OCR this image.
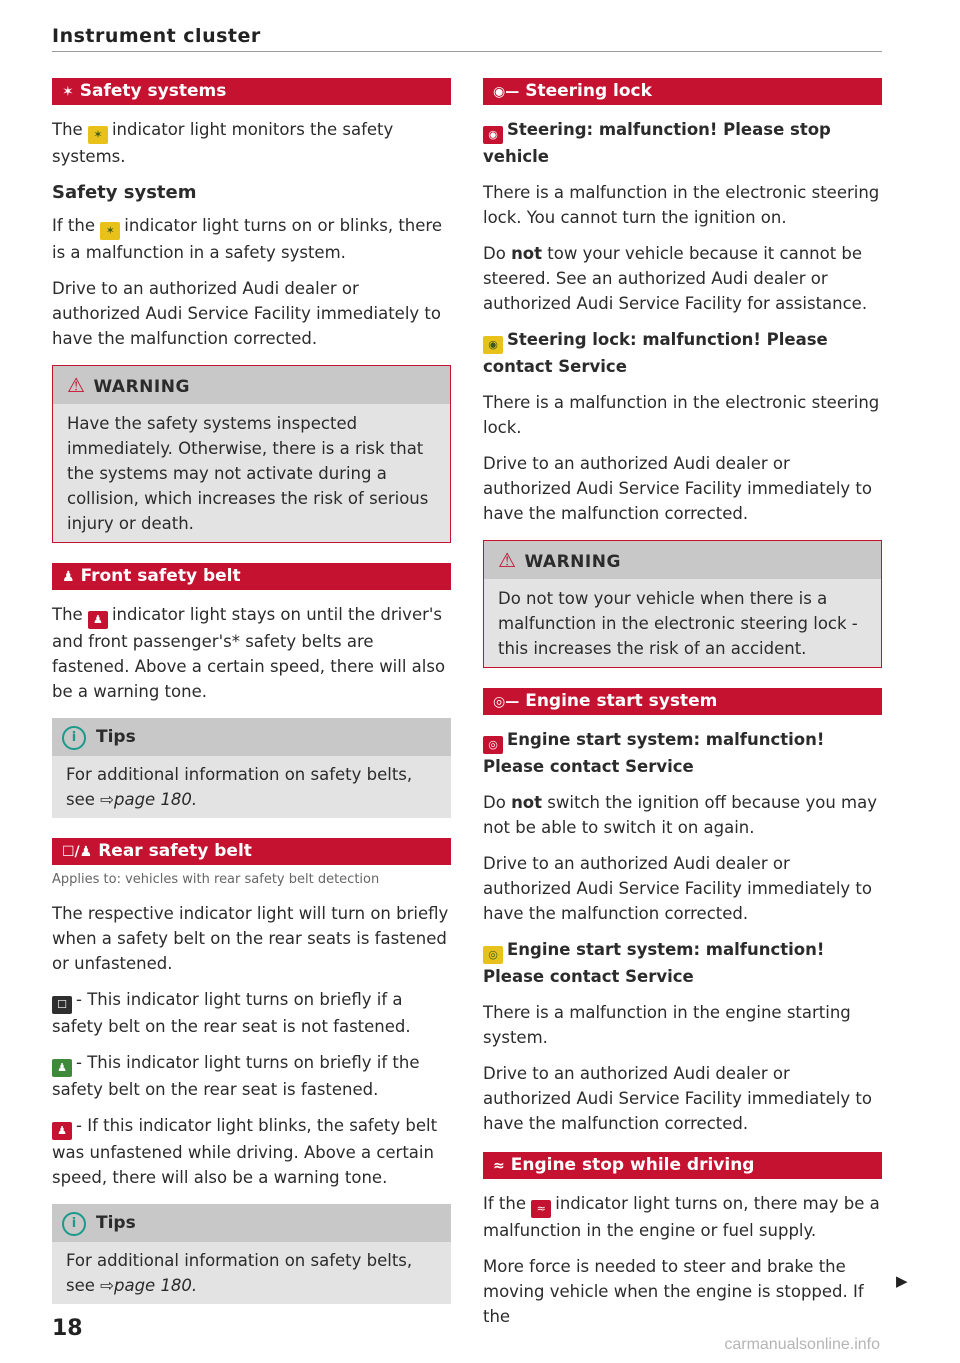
Instrument cluster
✶ Safety systems

The ✶ indicator light monitors the safety systems.

Safety system

If the ✶ indicator light turns on or blinks, there is a malfunction in a safety system.

Drive to an authorized Audi dealer or authorized Audi Service Facility immediately to have the malfunction corrected.

⚠ WARNING
Have the safety systems inspected immediately. Otherwise, there is a risk that the systems may not activate during a collision, which increases the risk of serious injury or death.
♟ Front safety belt

The ♟ indicator light stays on until the driver's and front passenger's* safety belts are fastened. Above a certain speed, there will also be a warning tone.

i Tips
For additional information on safety belts, see ⇨page 180.
☐/♟ Rear safety belt
Applies to: vehicles with rear safety belt detection

The respective indicator light will turn on briefly when a safety belt on the rear seats is fastened or unfastened.

☐ - This indicator light turns on briefly if a safety belt on the rear seat is not fastened.

♟ - This indicator light turns on briefly if the safety belt on the rear seat is fastened.

♟ - If this indicator light blinks, the safety belt was unfastened while driving. Above a certain speed, there will also be a warning tone.

i Tips
For additional information on safety belts, see ⇨page 180.
◉— Steering lock

◉ Steering: malfunction! Please stop vehicle

There is a malfunction in the electronic steering lock. You cannot turn the ignition on.

Do not tow your vehicle because it cannot be steered. See an authorized Audi dealer or authorized Audi Service Facility for assistance.

◉ Steering lock: malfunction! Please contact Service

There is a malfunction in the electronic steering lock.

Drive to an authorized Audi dealer or authorized Audi Service Facility immediately to have the malfunction corrected.

⚠ WARNING
Do not tow your vehicle when there is a malfunction in the electronic steering lock - this increases the risk of an accident.
◎— Engine start system

◎ Engine start system: malfunction! Please contact Service

Do not switch the ignition off because you may not be able to switch it on again.

Drive to an authorized Audi dealer or authorized Audi Service Facility immediately to have the malfunction corrected.

◎ Engine start system: malfunction! Please contact Service

There is a malfunction in the engine starting system.

Drive to an authorized Audi dealer or authorized Audi Service Facility immediately to have the malfunction corrected.

≈ Engine stop while driving

If the ≈ indicator light turns on, there may be a malfunction in the engine or fuel supply.

More force is needed to steer and brake the moving vehicle when the engine is stopped. If the

▶
18
carmanualsonline.info
